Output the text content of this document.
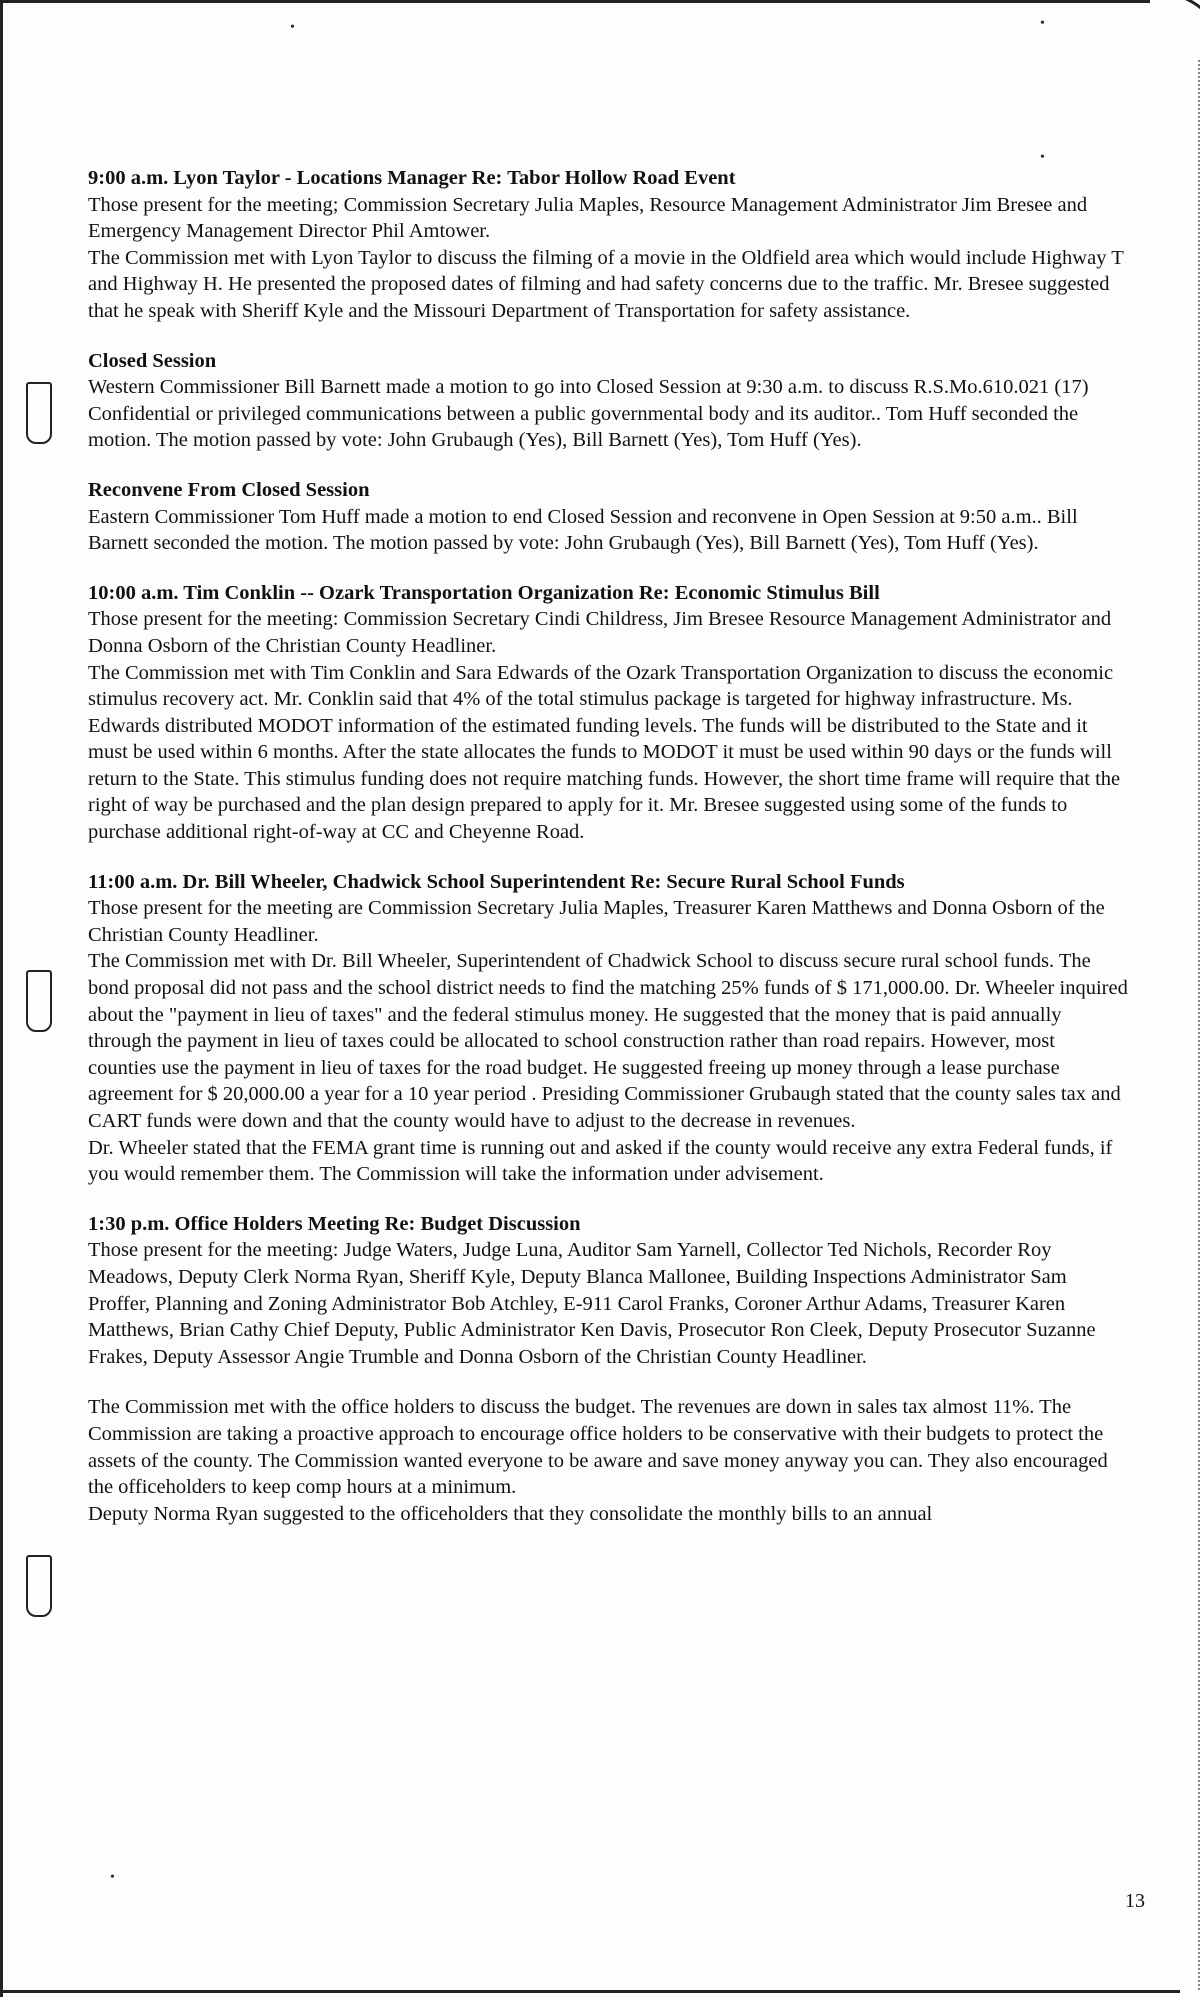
•	•
•
•
9:00 a.m. Lyon Taylor - Locations Manager Re: Tabor Hollow Road Event
Those present for the meeting; Commission Secretary Julia Maples, Resource Management Administrator Jim Bresee and Emergency Management Director Phil Amtower.
The Commission met with Lyon Taylor to discuss the filming of a movie in the Oldfield area which would include Highway T and Highway H. He presented the proposed dates of filming and had safety concerns due to the traffic. Mr. Bresee suggested that he speak with Sheriff Kyle and the Missouri Department of Transportation for safety assistance.
Closed Session
Western Commissioner Bill Barnett made a motion to go into Closed Session at 9:30 a.m. to discuss R.S.Mo.610.021 (17) Confidential or privileged communications between a public governmental body and its auditor.. Tom Huff seconded the motion. The motion passed by vote: John Grubaugh (Yes), Bill Barnett (Yes), Tom Huff (Yes).
Reconvene From Closed Session
Eastern Commissioner Tom Huff made a motion to end Closed Session and reconvene in Open Session at 9:50 a.m.. Bill Barnett seconded the motion. The motion passed by vote: John Grubaugh (Yes), Bill Barnett (Yes), Tom Huff (Yes).
10:00 a.m. Tim Conklin -- Ozark Transportation Organization Re: Economic Stimulus Bill
Those present for the meeting: Commission Secretary Cindi Childress, Jim Bresee Resource Management Administrator and Donna Osborn of the Christian County Headliner.
The Commission met with Tim Conklin and Sara Edwards of the Ozark Transportation Organization to discuss the economic stimulus recovery act. Mr. Conklin said that 4% of the total stimulus package is targeted for highway infrastructure. Ms. Edwards distributed MODOT information of the estimated funding levels. The funds will be distributed to the State and it must be used within 6 months. After the state allocates the funds to MODOT it must be used within 90 days or the funds will return to the State. This stimulus funding does not require matching funds. However, the short time frame will require that the right of way be purchased and the plan design prepared to apply for it. Mr. Bresee suggested using some of the funds to purchase additional right-of-way at CC and Cheyenne Road.
11:00 a.m. Dr. Bill Wheeler, Chadwick School Superintendent Re: Secure Rural School Funds
Those present for the meeting are Commission Secretary Julia Maples, Treasurer Karen Matthews and Donna Osborn of the Christian County Headliner.
The Commission met with Dr. Bill Wheeler, Superintendent of Chadwick School to discuss secure rural school funds. The bond proposal did not pass and the school district needs to find the matching 25% funds of $ 171,000.00. Dr. Wheeler inquired about the "payment in lieu of taxes" and the federal stimulus money. He suggested that the money that is paid annually through the payment in lieu of taxes could be allocated to school construction rather than road repairs. However, most counties use the payment in lieu of taxes for the road budget. He suggested freeing up money through a lease purchase agreement for $ 20,000.00 a year for a 10 year period . Presiding Commissioner Grubaugh stated that the county sales tax and CART funds were down and that the county would have to adjust to the decrease in revenues.
Dr. Wheeler stated that the FEMA grant time is running out and asked if the county would receive any extra Federal funds, if you would remember them. The Commission will take the information under advisement.
1:30 p.m. Office Holders Meeting Re: Budget Discussion
Those present for the meeting: Judge Waters, Judge Luna, Auditor Sam Yarnell, Collector Ted Nichols, Recorder Roy Meadows, Deputy Clerk Norma Ryan, Sheriff Kyle, Deputy Blanca Mallonee, Building Inspections Administrator Sam Proffer, Planning and Zoning Administrator Bob Atchley, E-911 Carol Franks, Coroner Arthur Adams, Treasurer Karen Matthews, Brian Cathy Chief Deputy, Public Administrator Ken Davis, Prosecutor Ron Cleek, Deputy Prosecutor Suzanne Frakes, Deputy Assessor Angie Trumble and Donna Osborn of the Christian County Headliner.
The Commission met with the office holders to discuss the budget. The revenues are down in sales tax almost 11%. The Commission are taking a proactive approach to encourage office holders to be conservative with their budgets to protect the assets of the county. The Commission wanted everyone to be aware and save money anyway you can. They also encouraged the officeholders to keep comp hours at a minimum.
Deputy Norma Ryan suggested to the officeholders that they consolidate the monthly bills to an annual
13
